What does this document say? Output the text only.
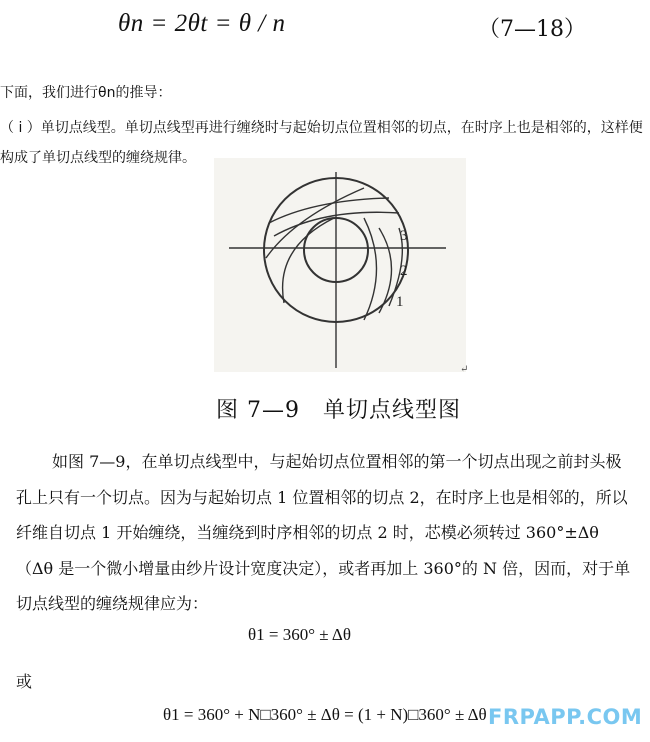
θn = 2θt = θ / n	（7—18）
下面，我们进行θn的推导：
（ i ）单切点线型。单切点线型再进行缠绕时与起始切点位置相邻的切点，在时序上也是相邻的，这样便构成了单切点线型的缠绕规律。
3
2
1
↵
图 7—9　单切点线型图
如图 7—9，在单切点线型中，与起始切点位置相邻的第一个切点出现之前封头极孔上只有一个切点。因为与起始切点 1 位置相邻的切点 2，在时序上也是相邻的，所以纤维自切点 1 开始缠绕，当缠绕到时序相邻的切点 2 时，芯模必须转过 360°±Δθ（Δθ 是一个微小增量由纱片设计宽度决定），或者再加上 360°的 N 倍，因而，对于单切点线型的缠绕规律应为：
θ1 = 360° ± Δθ
或
θ1 = 360° + N□360° ± Δθ = (1 + N)□360° ± Δθ FRPAPP.COM
